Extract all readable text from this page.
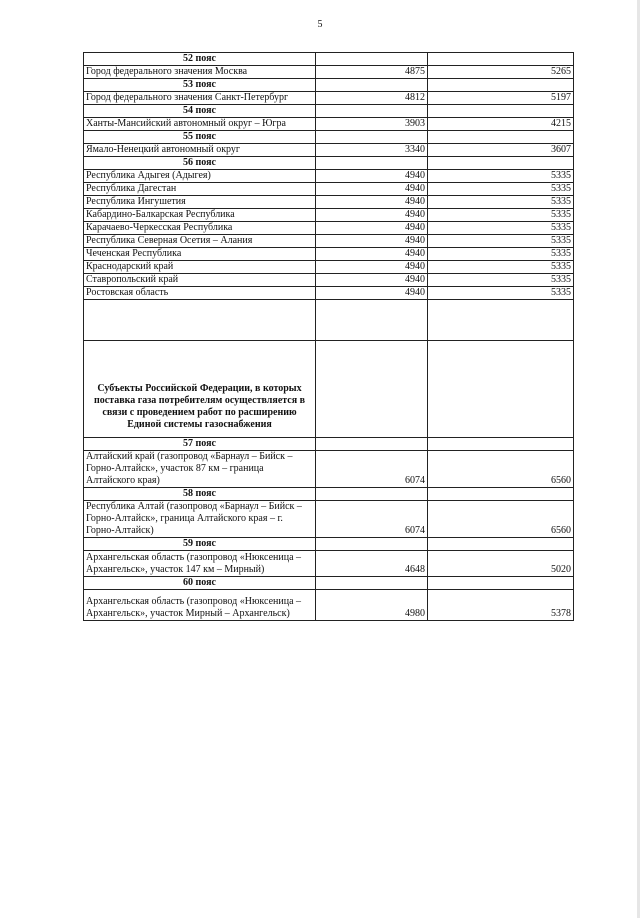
5
52 пояс		
Город федерального значения Москва	4875	5265
53 пояс		
Город федерального значения Санкт-Петербург	4812	5197
54 пояс		
Ханты-Мансийский автономный округ – Югра	3903	4215
55 пояс		
Ямало-Ненецкий автономный округ	3340	3607
56 пояс		
Республика Адыгея (Адыгея)	4940	5335
Республика Дагестан	4940	5335
Республика Ингушетия	4940	5335
Кабардино-Балкарская Республика	4940	5335
Карачаево-Черкесская Республика	4940	5335
Республика Северная Осетия – Алания	4940	5335
Чеченская Республика	4940	5335
Краснодарский край	4940	5335
Ставропольский край	4940	5335
Ростовская область	4940	5335

Субъекты Российской Федерации, в которых поставка газа потребителям осуществляется в связи с проведением работ по расширению Единой системы газоснабжения		
57 пояс		
Алтайский край (газопровод «Барнаул – Бийск – Горно-Алтайск», участок 87 км – граница Алтайского края)	6074	6560
58 пояс		
Республика Алтай (газопровод «Барнаул – Бийск – Горно-Алтайск», граница Алтайского края – г. Горно-Алтайск)	6074	6560
59 пояс		
Архангельская область (газопровод «Нюксеница – Архангельск», участок 147 км – Мирный)	4648	5020
60 пояс		
Архангельская область (газопровод «Нюксеница – Архангельск», участок Мирный – Архангельск)	4980	5378
